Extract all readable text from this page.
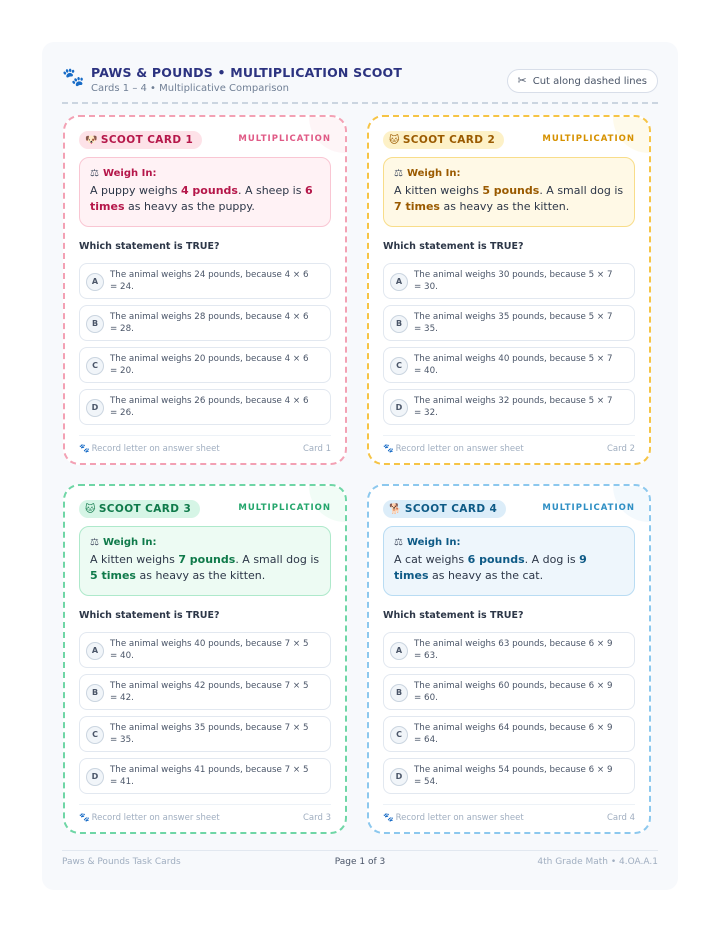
🐾 PAWS & POUNDS • MULTIPLICATION SCOOT
Cards 1 – 4 • Multiplicative Comparison
✂ Cut along dashed lines
🐶 SCOOT CARD 1	MULTIPLICATION
⚖ Weigh In:
A puppy weighs 4 pounds. A sheep is 6 times as heavy as the puppy.
Which statement is TRUE?
A
The animal weighs 24 pounds, because 4 × 6 = 24.
B
The animal weighs 28 pounds, because 4 × 6 = 28.
C
The animal weighs 20 pounds, because 4 × 6 = 20.
D
The animal weighs 26 pounds, because 4 × 6 = 26.
🐾 Record letter on answer sheet	Card 1
🐱 SCOOT CARD 2	MULTIPLICATION
⚖ Weigh In:
A kitten weighs 5 pounds. A small dog is 7 times as heavy as the kitten.
Which statement is TRUE?
A
The animal weighs 30 pounds, because 5 × 7 = 30.
B
The animal weighs 35 pounds, because 5 × 7 = 35.
C
The animal weighs 40 pounds, because 5 × 7 = 40.
D
The animal weighs 32 pounds, because 5 × 7 = 32.
🐾 Record letter on answer sheet	Card 2
🐱 SCOOT CARD 3	MULTIPLICATION
⚖ Weigh In:
A kitten weighs 7 pounds. A small dog is 5 times as heavy as the kitten.
Which statement is TRUE?
A
The animal weighs 40 pounds, because 7 × 5 = 40.
B
The animal weighs 42 pounds, because 7 × 5 = 42.
C
The animal weighs 35 pounds, because 7 × 5 = 35.
D
The animal weighs 41 pounds, because 7 × 5 = 41.
🐾 Record letter on answer sheet	Card 3
🐕 SCOOT CARD 4	MULTIPLICATION
⚖ Weigh In:
A cat weighs 6 pounds. A dog is 9 times as heavy as the cat.
Which statement is TRUE?
A
The animal weighs 63 pounds, because 6 × 9 = 63.
B
The animal weighs 60 pounds, because 6 × 9 = 60.
C
The animal weighs 64 pounds, because 6 × 9 = 64.
D
The animal weighs 54 pounds, because 6 × 9 = 54.
🐾 Record letter on answer sheet	Card 4
Paws & Pounds Task Cards	Page 1 of 3	4th Grade Math • 4.OA.A.1
